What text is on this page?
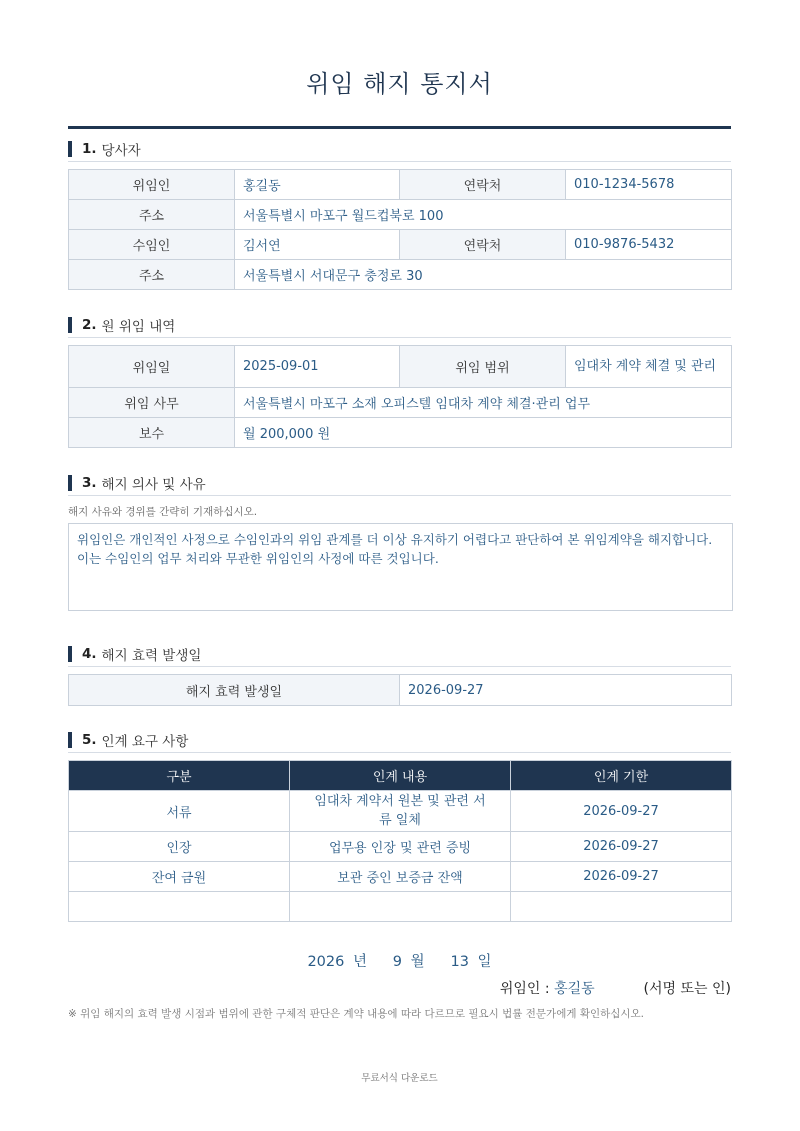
위임 해지 통지서
1. 당사자
위임인	홍길동	연락처	010-1234-5678
주소	서울특별시 마포구 월드컵북로 100		
수임인	김서연	연락처	010-9876-5432
주소	서울특별시 서대문구 충정로 30		
2. 원 위임 내역
위임일	2025-09-01	위임 범위	임대차 계약 체결 및 관리
위임 사무	서울특별시 마포구 소재 오피스텔 임대차 계약 체결·관리 업무		
보수	월 200,000 원		
3. 해지 의사 및 사유
해지 사유와 경위를 간략히 기재하십시오.
위임인은 개인적인 사정으로 수임인과의 위임 관계를 더 이상 유지하기 어렵다고 판단하여 본 위임계약을 해지합니다. 이는 수임인의 업무 처리와 무관한 위임인의 사정에 따른 것입니다.
4. 해지 효력 발생일
해지 효력 발생일	2026-09-27
5. 인계 요구 사항
구분	인계 내용	인계 기한
서류	임대차 계약서 원본 및 관련 서류 일체	2026-09-27
인장	업무용 인장 및 관련 증빙	2026-09-27
잔여 금원	보관 중인 보증금 잔액	2026-09-27

2026 년   9 월   13 일
위임인 : 홍길동	(서명 또는 인)
※ 위임 해지의 효력 발생 시점과 범위에 관한 구체적 판단은 계약 내용에 따라 다르므로 필요시 법률 전문가에게 확인하십시오.
무료서식 다운로드
